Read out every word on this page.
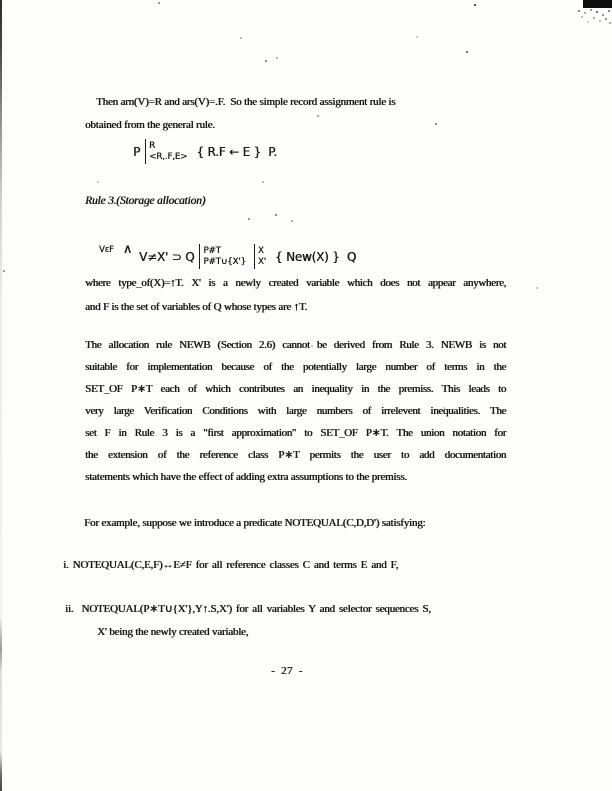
Then arn(V)=R and ars(V)=.F.  So the simple record assignment rule is
obtained from the general rule.
P R
<R,.F,E> { R.F ← E }  P.
Rule 3.(Storage allocation)

∧

VεF

V≠X' ⊃ Q P#T
P#T∪{X'}
X
X' { New(X) }  Q
where type_of(X)=↑T. X' is a newly created variable which does not appear anywhere,
and F is the set of variables of Q whose types are ↑T.
The allocation rule NEWB (Section 2.6) cannot be derived from Rule 3. NEWB is not
suitable for implementation because of the potentially large number of terms in the
SET_OF P∗T each of which contributes an inequality in the premiss. This leads to
very large Verification Conditions with large numbers of irrelevent inequalities. The
set F in Rule 3 is a "first approximation" to SET_OF P∗T. The union notation for
the extension of the reference class P∗T permits the user to add documentation
statements which have the effect of adding extra assumptions to the premiss.
For example, suppose we introduce a predicate NOTEQUAL(C,D,D') satisfying:
i. NOTEQUAL(C,E,F)↔E≠F for all reference classes C and terms E and F,
ii.  NOTEQUAL(P∗T∪{X'},Y↑.S,X') for all variables Y and selector sequences S,
X' being the newly created variable,
- 27 -
